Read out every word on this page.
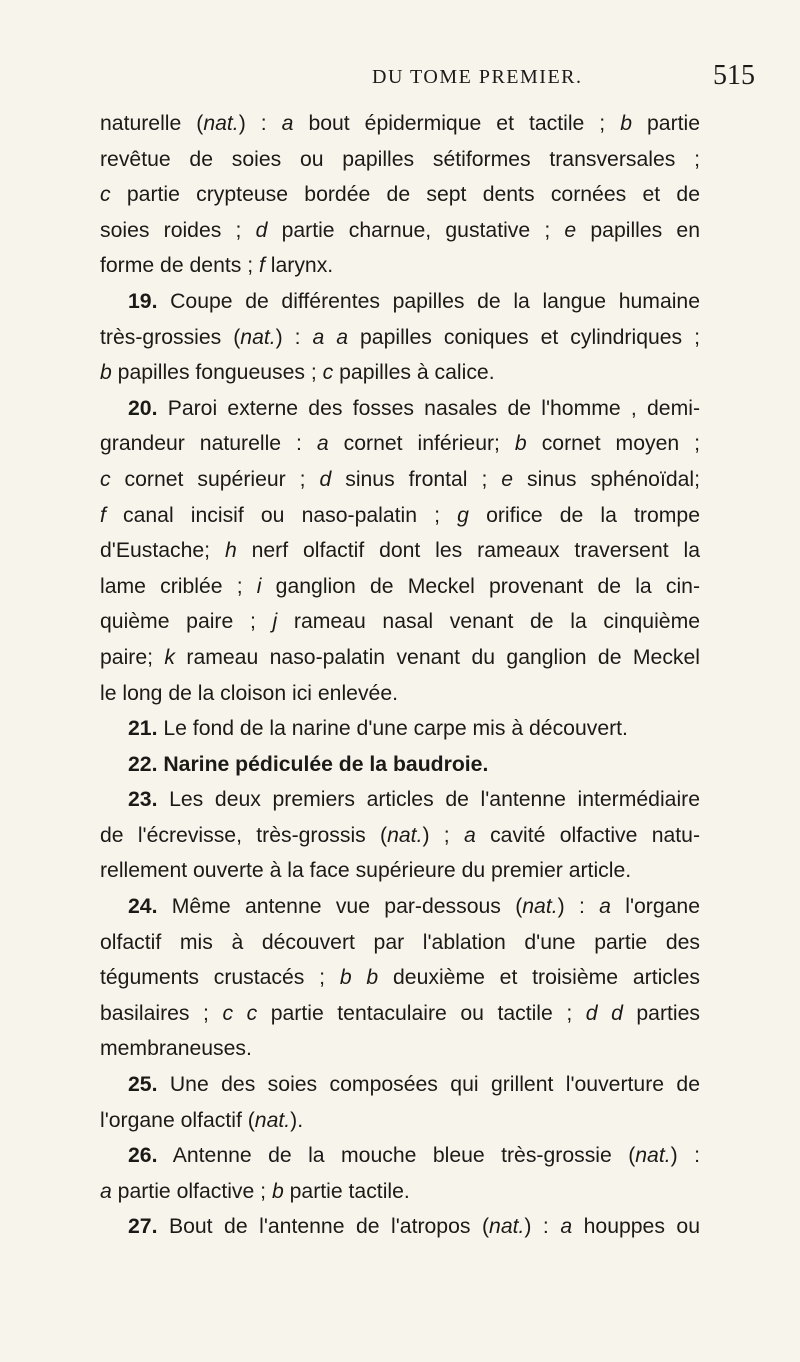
DU TOME PREMIER.	515

naturelle (nat.) : a bout épidermique et tactile ; b partie

revêtue de soies ou papilles sétiformes transversales ;

c partie crypteuse bordée de sept dents cornées et de

soies roides ; d partie charnue, gustative ; e papilles en

forme de dents ; f larynx.

19. Coupe de différentes papilles de la langue humaine

très-grossies (nat.) : a a papilles coniques et cylindriques ;

b papilles fongueuses ; c papilles à calice.

20. Paroi externe des fosses nasales de l'homme , demi-

grandeur naturelle : a cornet inférieur; b cornet moyen ;

c cornet supérieur ; d sinus frontal ; e sinus sphénoïdal;

f canal incisif ou naso-palatin ; g orifice de la trompe

d'Eustache; h nerf olfactif dont les rameaux traversent la

lame criblée ; i ganglion de Meckel provenant de la cin-

quième paire ; j rameau nasal venant de la cinquième

paire; k rameau naso-palatin venant du ganglion de Meckel

le long de la cloison ici enlevée.

21. Le fond de la narine d'une carpe mis à découvert.

22. Narine pédiculée de la baudroie.

23. Les deux premiers articles de l'antenne intermédiaire

de l'écrevisse, très-grossis (nat.) ; a cavité olfactive natu-

rellement ouverte à la face supérieure du premier article.

24. Même antenne vue par-dessous (nat.) : a l'organe

olfactif mis à découvert par l'ablation d'une partie des

téguments crustacés ; b b deuxième et troisième articles

basilaires ; c c partie tentaculaire ou tactile ; d d parties

membraneuses.

25. Une des soies composées qui grillent l'ouverture de

l'organe olfactif (nat.).

26. Antenne de la mouche bleue très-grossie (nat.) :

a partie olfactive ; b partie tactile.

27. Bout de l'antenne de l'atropos (nat.) : a houppes ou
